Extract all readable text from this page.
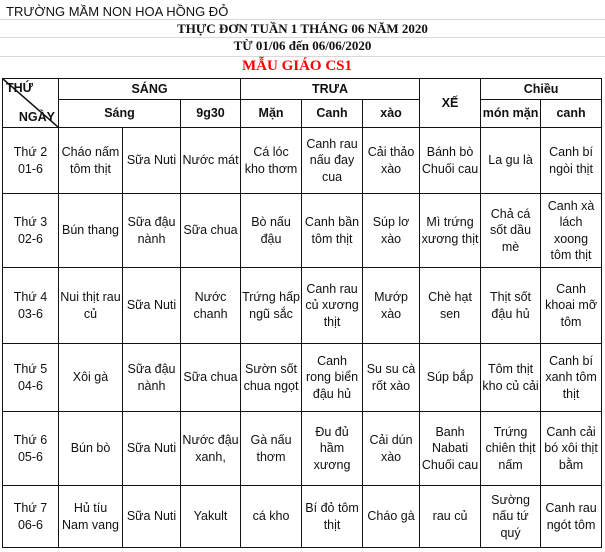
TRƯỜNG MẦM NON HOA HỒNG ĐỎ
THỰC ĐƠN TUẦN 1 THÁNG 06 NĂM 2020
TỪ 01/06 đến 06/06/2020
MẪU GIÁO CS1
THỨ
NGÀY	SÁNG			TRƯA			XẾ	Chiều	
	Sáng		9g30	Mặn	Canh	xào		món mặn	canh

Thứ 2
01-6	Cháo nấm tôm thịt	Sữa Nuti	Nước mát	Cá lóc kho thơm	Canh rau nấu đay cua	Cải thảo xào	Bánh bò Chuối cau	La gu là	Canh bí ngòi thịt

Thứ 3
02-6	Bún thang	Sữa đậu nành	Sữa chua	Bò nấu đậu	Canh bần tôm thịt	Súp lơ xào	Mì trứng xương thịt	Chả cá sốt dầu mè	Canh xà lách xoong tôm thịt

Thứ 4
03-6	Nui thịt rau củ	Sữa Nuti	Nước chanh	Trứng hấp ngũ sắc	Canh rau củ xương thịt	Mướp xào	Chè hạt sen	Thịt sốt đậu hủ	Canh khoai mỡ tôm

Thứ 5
04-6	Xôi gà	Sữa đậu nành	Sữa chua	Sườn sốt chua ngọt	Canh rong biển đậu hủ	Su su cà rốt xào	Súp bắp	Tôm thịt kho củ cải	Canh bí xanh tôm thịt

Thứ 6
05-6	Bún bò	Sữa Nuti	Nước đậu xanh,	Gà nấu thơm	Đu đủ hầm xương	Cải dún xào	Banh Nabati Chuối cau	Trứng chiên thịt nấm	Canh cải bó xôi thịt bằm

Thứ 7
06-6	Hủ tíu Nam vang	Sữa Nuti	Yakult	cá kho	Bí đỏ tôm thịt	Cháo gà	rau củ	Sường nấu tứ quý	Canh rau ngót tôm
